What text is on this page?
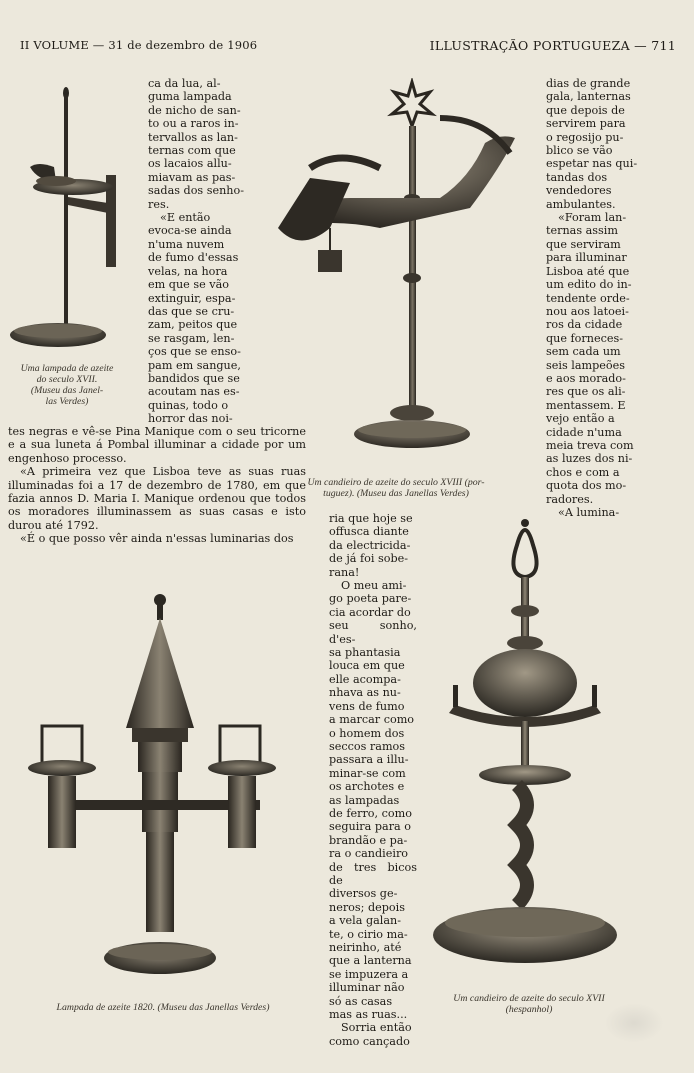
II VOLUME — 31 de dezembro de 1906	ILLUSTRAÇÃO PORTUGUEZA — 711
Uma lampada de azeite
do seculo XVII.
(Museu das Janel-
las Verdes)
ca da lua, al-
guma lampada
de nicho de san-
to ou a raros in-
tervallos as lan-
ternas com que
os lacaios allu-
miavam as pas-
sadas dos senho-
res.
«E então
evoca-se ainda
n'uma nuvem
de fumo d'essas
velas, na hora
em que se vão
extinguir, espa-
das que se cru-
zam, peitos que
se rasgam, len-
ços que se enso-
pam em sangue,
bandidos que se
acoutam nas es-
quinas, todo o
horror das noi-

tes negras e vê-se Pina Manique com o seu tricorne e a sua luneta á Pombal illuminar a cidade por um engenhoso processo.

«A primeira vez que Lisboa teve as suas ruas illuminadas foi a 17 de dezembro de 1780, em que fazia annos D. Maria I. Manique ordenou que todos os moradores illuminassem as suas casas e isto durou até 1792.

«É o que posso vêr ainda n'essas luminarias dos

Um candieiro de azeite do seculo XVIII (por-
tuguez). (Museu das Janellas Verdes)
dias de grande
gala, lanternas
que depois de
servirem para
o regosijo pu-
blico se vão
espetar nas qui-
tandas dos
vendedores
ambulantes.
«Foram lan-
ternas assim
que serviram
para illuminar
Lisboa até que
um edito do in-
tendente orde-
nou aos latoei-
ros da cidade
que forneces-
sem cada um
seis lampeões
e aos morado-
res que os ali-
mentassem. E
vejo então a
cidade n'uma
meia treva com
as luzes dos ni-
chos e com a
quota dos mo-
radores.
«A lumina-
Lampada de azeite 1820. (Museu das Janellas Verdes)
ria que hoje se
offusca diante
da electricida-
de já foi sobe-
rana!
O meu ami-
go poeta pare-
cia acordar do
seu sonho, d'es-
sa phantasia
louca em que
elle acompa-
nhava as nu-
vens de fumo
a marcar como
o homem dos
seccos ramos
passara a illu-
minar-se com
os archotes e
as lampadas
de ferro, como
seguira para o
brandão e pa-
ra o candieiro
de tres bicos de
diversos ge-
neros; depois
a vela galan-
te, o cirio ma-
neirinho, até
que a lanterna
se impuzera a
illuminar não
só as casas
mas as ruas...
Sorria então
como cançado
Um candieiro de azeite do seculo XVII
(hespanhol)
